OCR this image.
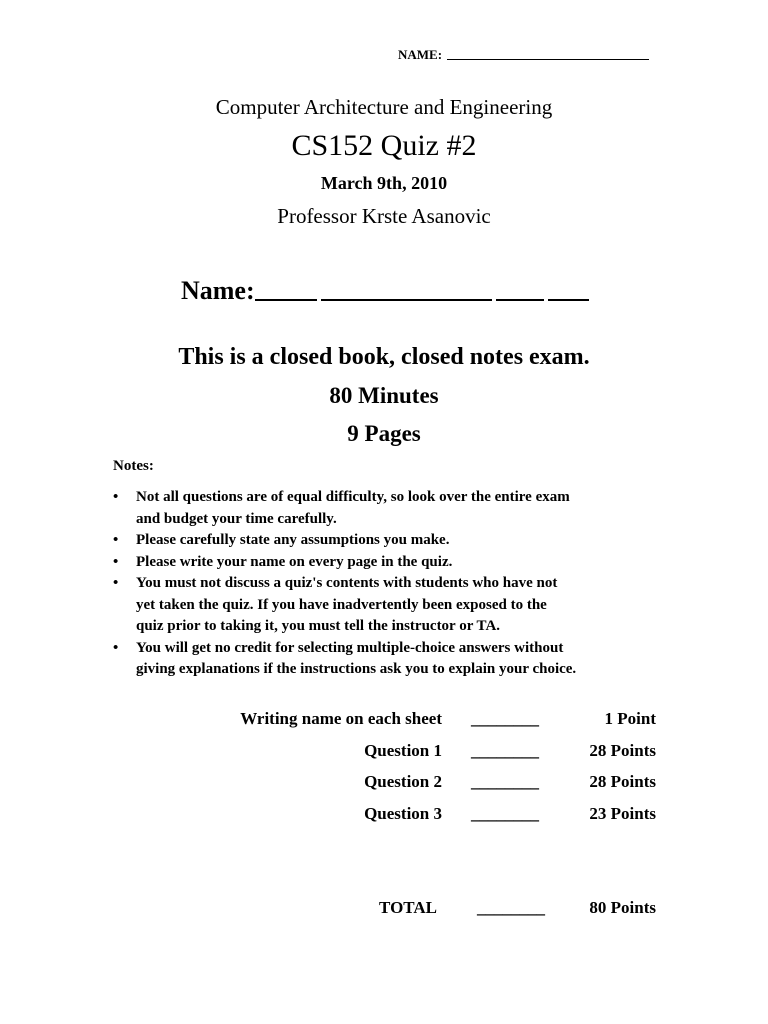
NAME:
Computer Architecture and Engineering
CS152 Quiz #2
March 9th, 2010
Professor Krste Asanovic
Name:
This is a closed book, closed notes exam.
80 Minutes
9 Pages
Notes:
•	Not all questions are of equal difficulty, so look over the entire exam
and budget your time carefully.
•	Please carefully state any assumptions you make.
•	Please write your name on every page in the quiz.
•	You must not discuss a quiz's contents with students who have not
yet taken the quiz. If you have inadvertently been exposed to the
quiz prior to taking it, you must tell the instructor or TA.
•	You will get no credit for selecting multiple-choice answers without
giving explanations if the instructions ask you to explain your choice.
Writing name on each sheet ________	1 Point
Question 1 ________	28 Points
Question 2 ________	28 Points
Question 3 ________	23 Points
TOTAL ________	80 Points
